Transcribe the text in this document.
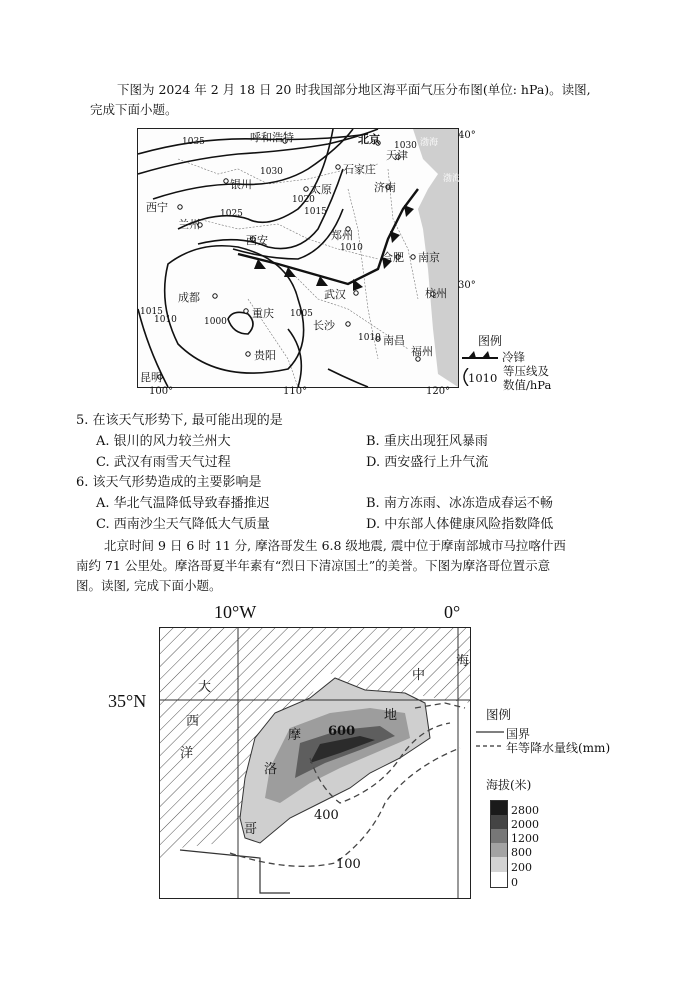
下图为 2024 年 2 月 18 日 20 时我国部分地区海平面气压分布图(单位: hPa)。读图,
完成下面小题。
呼和浩特	北京
天津
银川
石家庄
太原	济南
西宁
兰州
西安	郑州
合肥 南京
成都
重庆
武汉	杭州
长沙
南昌
贵阳	福州
昆明
1035
1030
1025
1020
1015
1010
1005
1000
1015
1010
1010
1030 渤海
渤海
40°
30°
100°	110°	120°
图例
冷锋
1010 等压线及
数值/hPa
5. 在该天气形势下, 最可能出现的是
A. 银川的风力较兰州大	B. 重庆出现狂风暴雨
C. 武汉有雨雪天气过程	D. 西安盛行上升气流
6. 该天气形势造成的主要影响是
A. 华北气温降低导致春播推迟	B. 南方冻雨、冰冻造成春运不畅
C. 西南沙尘天气降低大气质量	D. 中东部人体健康风险指数降低
北京时间 9 日 6 时 11 分, 摩洛哥发生 6.8 级地震, 震中位于摩南部城市马拉喀什西
南约 71 公里处。摩洛哥夏半年素有“烈日下清凉国土”的美誉。下图为摩洛哥位置示意
图。读图, 完成下面小题。
10°W	0°
35°N
大
西
洋
地
中
海
摩
洛
哥
600
400
100
图例
国界
年等降水量线(mm)
海拔(米)
2800
2000
1200
800
200
0
